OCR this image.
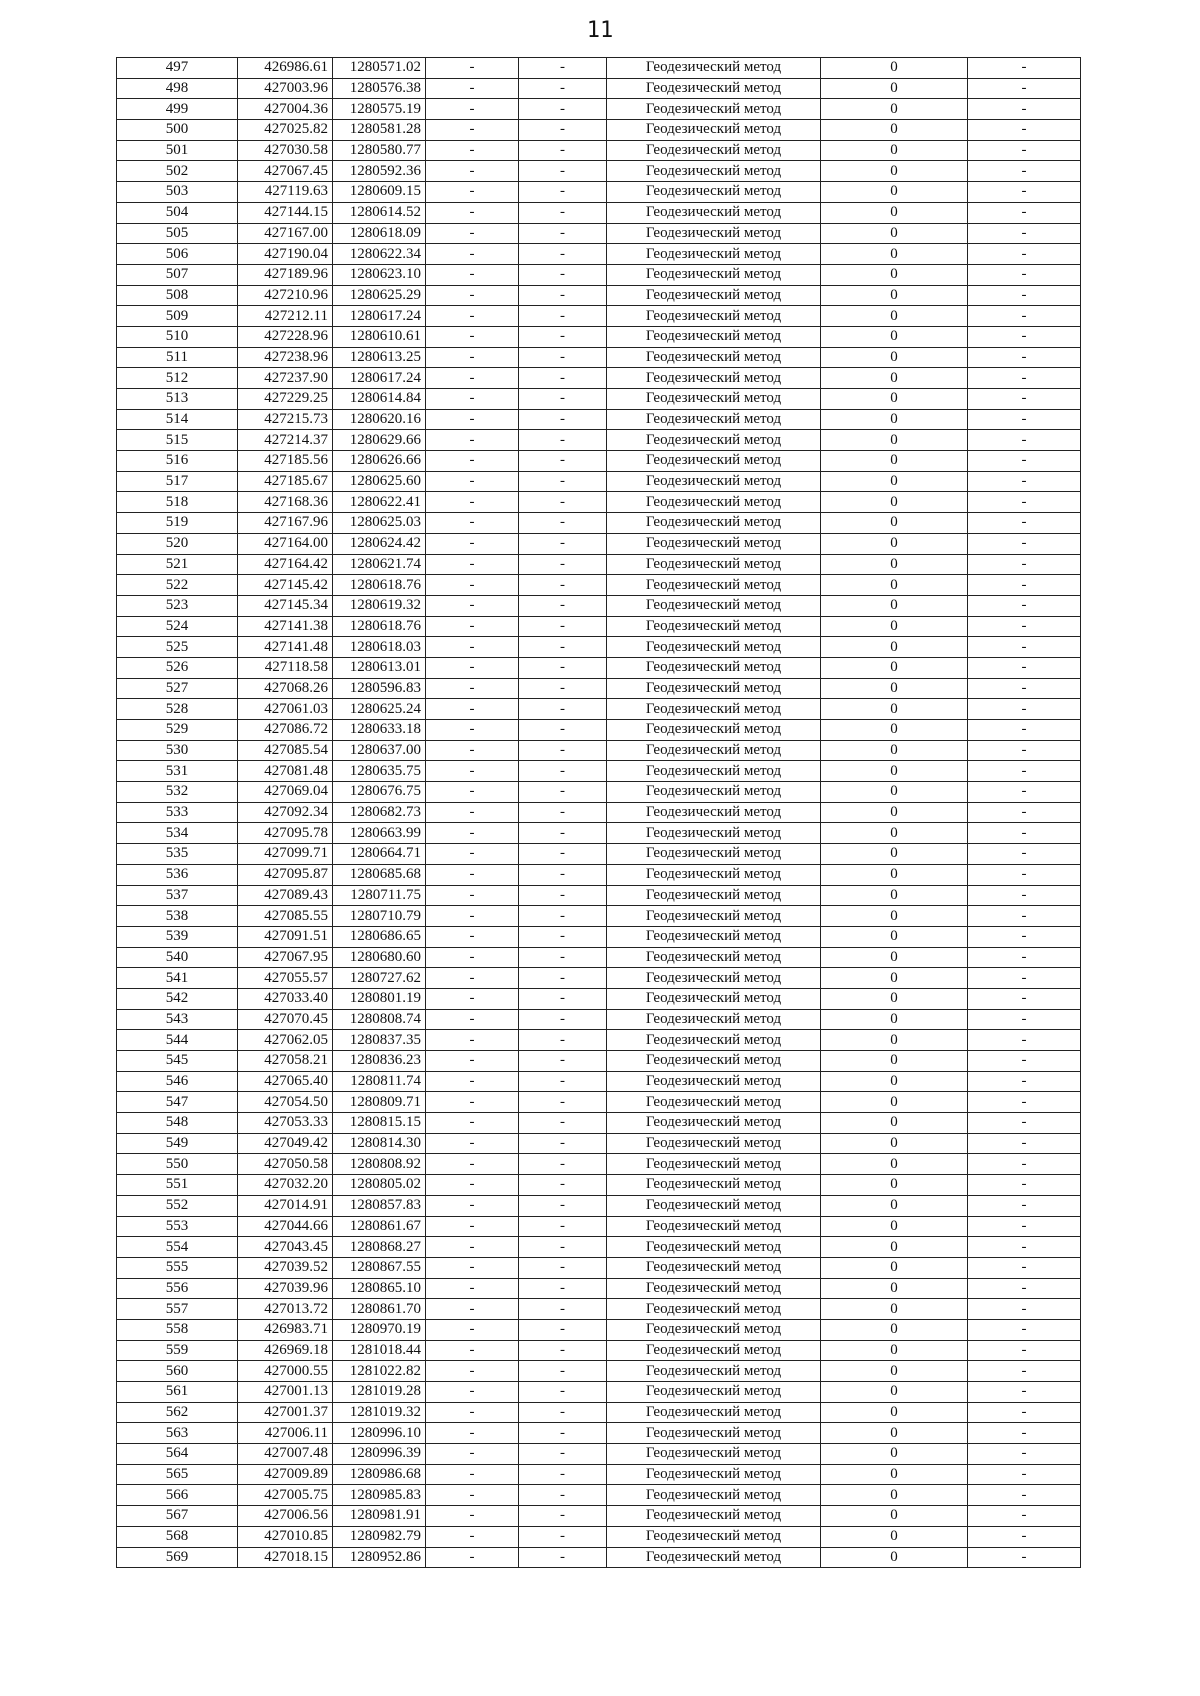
11
497	426986.61	1280571.02	-	-	Геодезический метод	0	-
498	427003.96	1280576.38	-	-	Геодезический метод	0	-
499	427004.36	1280575.19	-	-	Геодезический метод	0	-
500	427025.82	1280581.28	-	-	Геодезический метод	0	-
501	427030.58	1280580.77	-	-	Геодезический метод	0	-
502	427067.45	1280592.36	-	-	Геодезический метод	0	-
503	427119.63	1280609.15	-	-	Геодезический метод	0	-
504	427144.15	1280614.52	-	-	Геодезический метод	0	-
505	427167.00	1280618.09	-	-	Геодезический метод	0	-
506	427190.04	1280622.34	-	-	Геодезический метод	0	-
507	427189.96	1280623.10	-	-	Геодезический метод	0	-
508	427210.96	1280625.29	-	-	Геодезический метод	0	-
509	427212.11	1280617.24	-	-	Геодезический метод	0	-
510	427228.96	1280610.61	-	-	Геодезический метод	0	-
511	427238.96	1280613.25	-	-	Геодезический метод	0	-
512	427237.90	1280617.24	-	-	Геодезический метод	0	-
513	427229.25	1280614.84	-	-	Геодезический метод	0	-
514	427215.73	1280620.16	-	-	Геодезический метод	0	-
515	427214.37	1280629.66	-	-	Геодезический метод	0	-
516	427185.56	1280626.66	-	-	Геодезический метод	0	-
517	427185.67	1280625.60	-	-	Геодезический метод	0	-
518	427168.36	1280622.41	-	-	Геодезический метод	0	-
519	427167.96	1280625.03	-	-	Геодезический метод	0	-
520	427164.00	1280624.42	-	-	Геодезический метод	0	-
521	427164.42	1280621.74	-	-	Геодезический метод	0	-
522	427145.42	1280618.76	-	-	Геодезический метод	0	-
523	427145.34	1280619.32	-	-	Геодезический метод	0	-
524	427141.38	1280618.76	-	-	Геодезический метод	0	-
525	427141.48	1280618.03	-	-	Геодезический метод	0	-
526	427118.58	1280613.01	-	-	Геодезический метод	0	-
527	427068.26	1280596.83	-	-	Геодезический метод	0	-
528	427061.03	1280625.24	-	-	Геодезический метод	0	-
529	427086.72	1280633.18	-	-	Геодезический метод	0	-
530	427085.54	1280637.00	-	-	Геодезический метод	0	-
531	427081.48	1280635.75	-	-	Геодезический метод	0	-
532	427069.04	1280676.75	-	-	Геодезический метод	0	-
533	427092.34	1280682.73	-	-	Геодезический метод	0	-
534	427095.78	1280663.99	-	-	Геодезический метод	0	-
535	427099.71	1280664.71	-	-	Геодезический метод	0	-
536	427095.87	1280685.68	-	-	Геодезический метод	0	-
537	427089.43	1280711.75	-	-	Геодезический метод	0	-
538	427085.55	1280710.79	-	-	Геодезический метод	0	-
539	427091.51	1280686.65	-	-	Геодезический метод	0	-
540	427067.95	1280680.60	-	-	Геодезический метод	0	-
541	427055.57	1280727.62	-	-	Геодезический метод	0	-
542	427033.40	1280801.19	-	-	Геодезический метод	0	-
543	427070.45	1280808.74	-	-	Геодезический метод	0	-
544	427062.05	1280837.35	-	-	Геодезический метод	0	-
545	427058.21	1280836.23	-	-	Геодезический метод	0	-
546	427065.40	1280811.74	-	-	Геодезический метод	0	-
547	427054.50	1280809.71	-	-	Геодезический метод	0	-
548	427053.33	1280815.15	-	-	Геодезический метод	0	-
549	427049.42	1280814.30	-	-	Геодезический метод	0	-
550	427050.58	1280808.92	-	-	Геодезический метод	0	-
551	427032.20	1280805.02	-	-	Геодезический метод	0	-
552	427014.91	1280857.83	-	-	Геодезический метод	0	-
553	427044.66	1280861.67	-	-	Геодезический метод	0	-
554	427043.45	1280868.27	-	-	Геодезический метод	0	-
555	427039.52	1280867.55	-	-	Геодезический метод	0	-
556	427039.96	1280865.10	-	-	Геодезический метод	0	-
557	427013.72	1280861.70	-	-	Геодезический метод	0	-
558	426983.71	1280970.19	-	-	Геодезический метод	0	-
559	426969.18	1281018.44	-	-	Геодезический метод	0	-
560	427000.55	1281022.82	-	-	Геодезический метод	0	-
561	427001.13	1281019.28	-	-	Геодезический метод	0	-
562	427001.37	1281019.32	-	-	Геодезический метод	0	-
563	427006.11	1280996.10	-	-	Геодезический метод	0	-
564	427007.48	1280996.39	-	-	Геодезический метод	0	-
565	427009.89	1280986.68	-	-	Геодезический метод	0	-
566	427005.75	1280985.83	-	-	Геодезический метод	0	-
567	427006.56	1280981.91	-	-	Геодезический метод	0	-
568	427010.85	1280982.79	-	-	Геодезический метод	0	-
569	427018.15	1280952.86	-	-	Геодезический метод	0	-
